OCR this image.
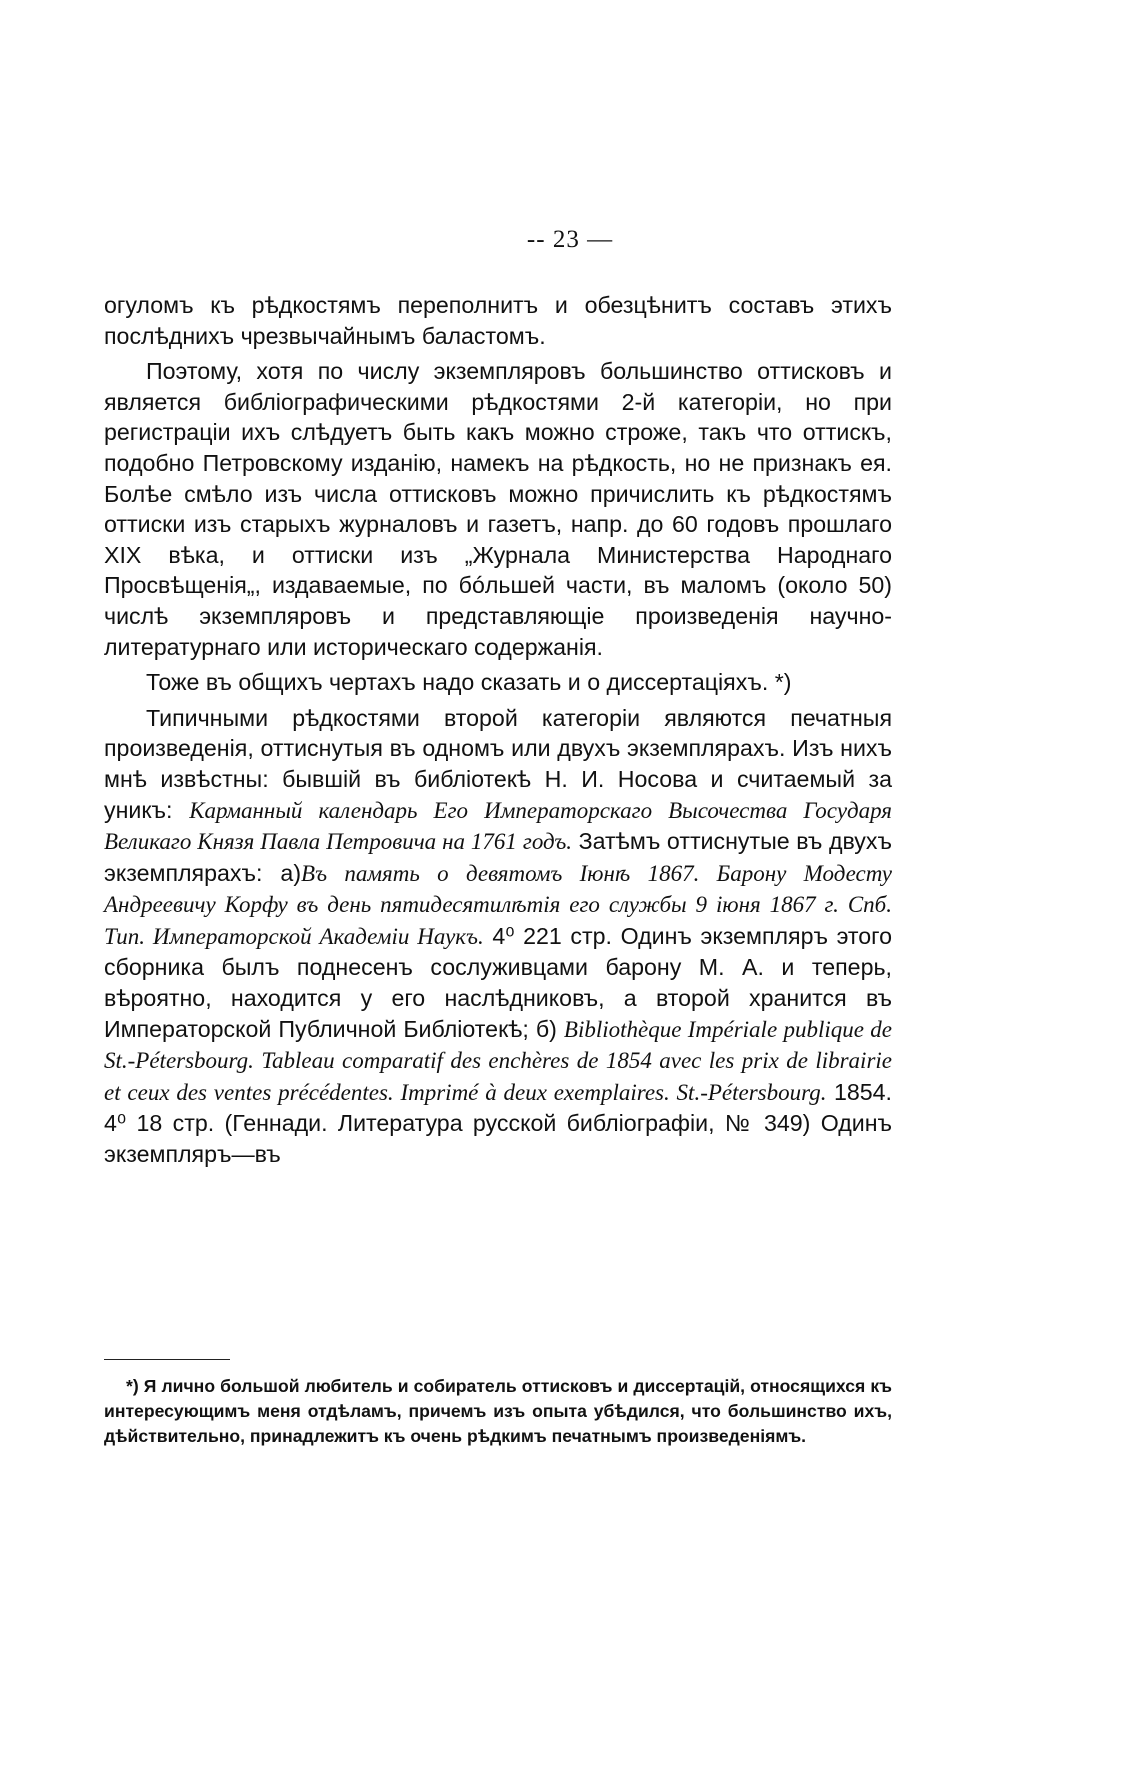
-- 23 —

огуломъ къ рѣдкостямъ переполнитъ и обезцѣнитъ составъ этихъ послѣднихъ чрезвычайнымъ баластомъ.

Поэтому, хотя по числу экземпляровъ большинство оттисковъ и является библіографическими рѣдкостями 2-й категоріи, но при регистраціи ихъ слѣдуетъ быть какъ можно строже, такъ что оттискъ, подобно Петровскому изданію, намекъ на рѣдкость, но не признакъ ея. Болѣе смѣло изъ числа оттисковъ можно причислить къ рѣдкостямъ оттиски изъ старыхъ журналовъ и газетъ, напр. до 60 годовъ прошлаго XIX вѣка, и оттиски изъ „Журнала Министерства Народнаго Просвѣщенія„, издаваемые, по бóльшей части, въ маломъ (около 50) числѣ экземпляровъ и представляющіе произведенія научно-литературнаго или историческаго содержанія.

Тоже въ общихъ чертахъ надо сказать и о диссертаціяхъ. *)

Типичными рѣдкостями второй категоріи являются печатныя произведенія, оттиснутыя въ одномъ или двухъ экземплярахъ. Изъ нихъ мнѣ извѣстны: бывшій въ библіотекѣ Н. И. Носова и считаемый за уникъ: Карманный календарь Его Императорскаго Высочества Государя Великаго Князя Павла Петровича на 1761 годъ. Затѣмъ оттиснутые въ двухъ экземплярахъ: а)Въ память о девятомъ Іюнѣ 1867. Барону Модесту Андреевичу Корфу въ день пятидесятилѣтія его службы 9 іюня 1867 г. Спб. Тип. Императорской Академіи Наукъ. 4⁰ 221 стр. Одинъ экземпляръ этого сборника былъ поднесенъ сослуживцами барону М. А. и теперь, вѣроятно, находится у его наслѣдниковъ, а второй хранится въ Императорской Публичной Библіотекѣ; б) Bibliothèque Impériale publique de St.-Pétersbourg. Tableau comparatif des enchères de 1854 avec les prix de librairie et ceux des ventes précédentes. Imprimé à deux exemplaires. St.-Pétersbourg. 1854. 4⁰ 18 стр. (Геннади. Литература русской библіографіи, № 349) Одинъ экземпляръ—въ

*) Я лично большой любитель и собиратель оттисковъ и диссертацій, относящихся къ интересующимъ меня отдѣламъ, причемъ изъ опыта убѣдился, что большинство ихъ, дѣйствительно, принадлежитъ къ очень рѣдкимъ печатнымъ произведеніямъ.
